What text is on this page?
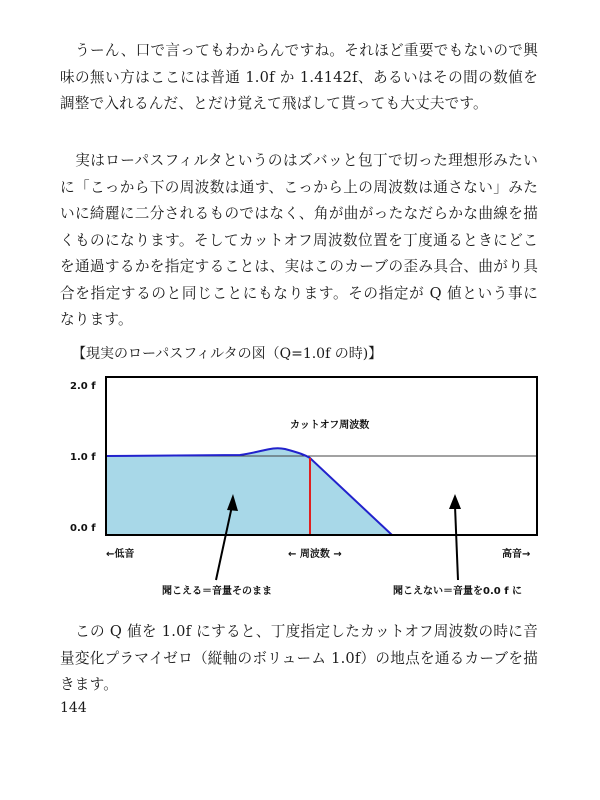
うーん、口で言ってもわからんですね。それほど重要でもないので興味の無い方はここには普通 1.0f か 1.4142f、あるいはその間の数値を調整で入れるんだ、とだけ覚えて飛ばして貰っても大丈夫です。

実はローパスフィルタというのはズバッと包丁で切った理想形みたいに「こっから下の周波数は通す、こっから上の周波数は通さない」みたいに綺麗に二分されるものではなく、角が曲がったなだらかな曲線を描くものになります。そしてカットオフ周波数位置を丁度通るときにどこを通過するかを指定することは、実はこのカーブの歪み具合、曲がり具合を指定するのと同じことにもなります。その指定が Q 値という事になります。

【現実のローパスフィルタの図（Q=1.0f の時)】
2.0 f
1.0 f
0.0 f
カットオフ周波数
←低音	← 周波数 →	高音→
聞こえる＝音量そのまま	聞こえない＝音量を0.0 f に

この Q 値を 1.0f にすると、丁度指定したカットオフ周波数の時に音量変化プラマイゼロ（縦軸のボリューム 1.0f）の地点を通るカーブを描きます。

144
